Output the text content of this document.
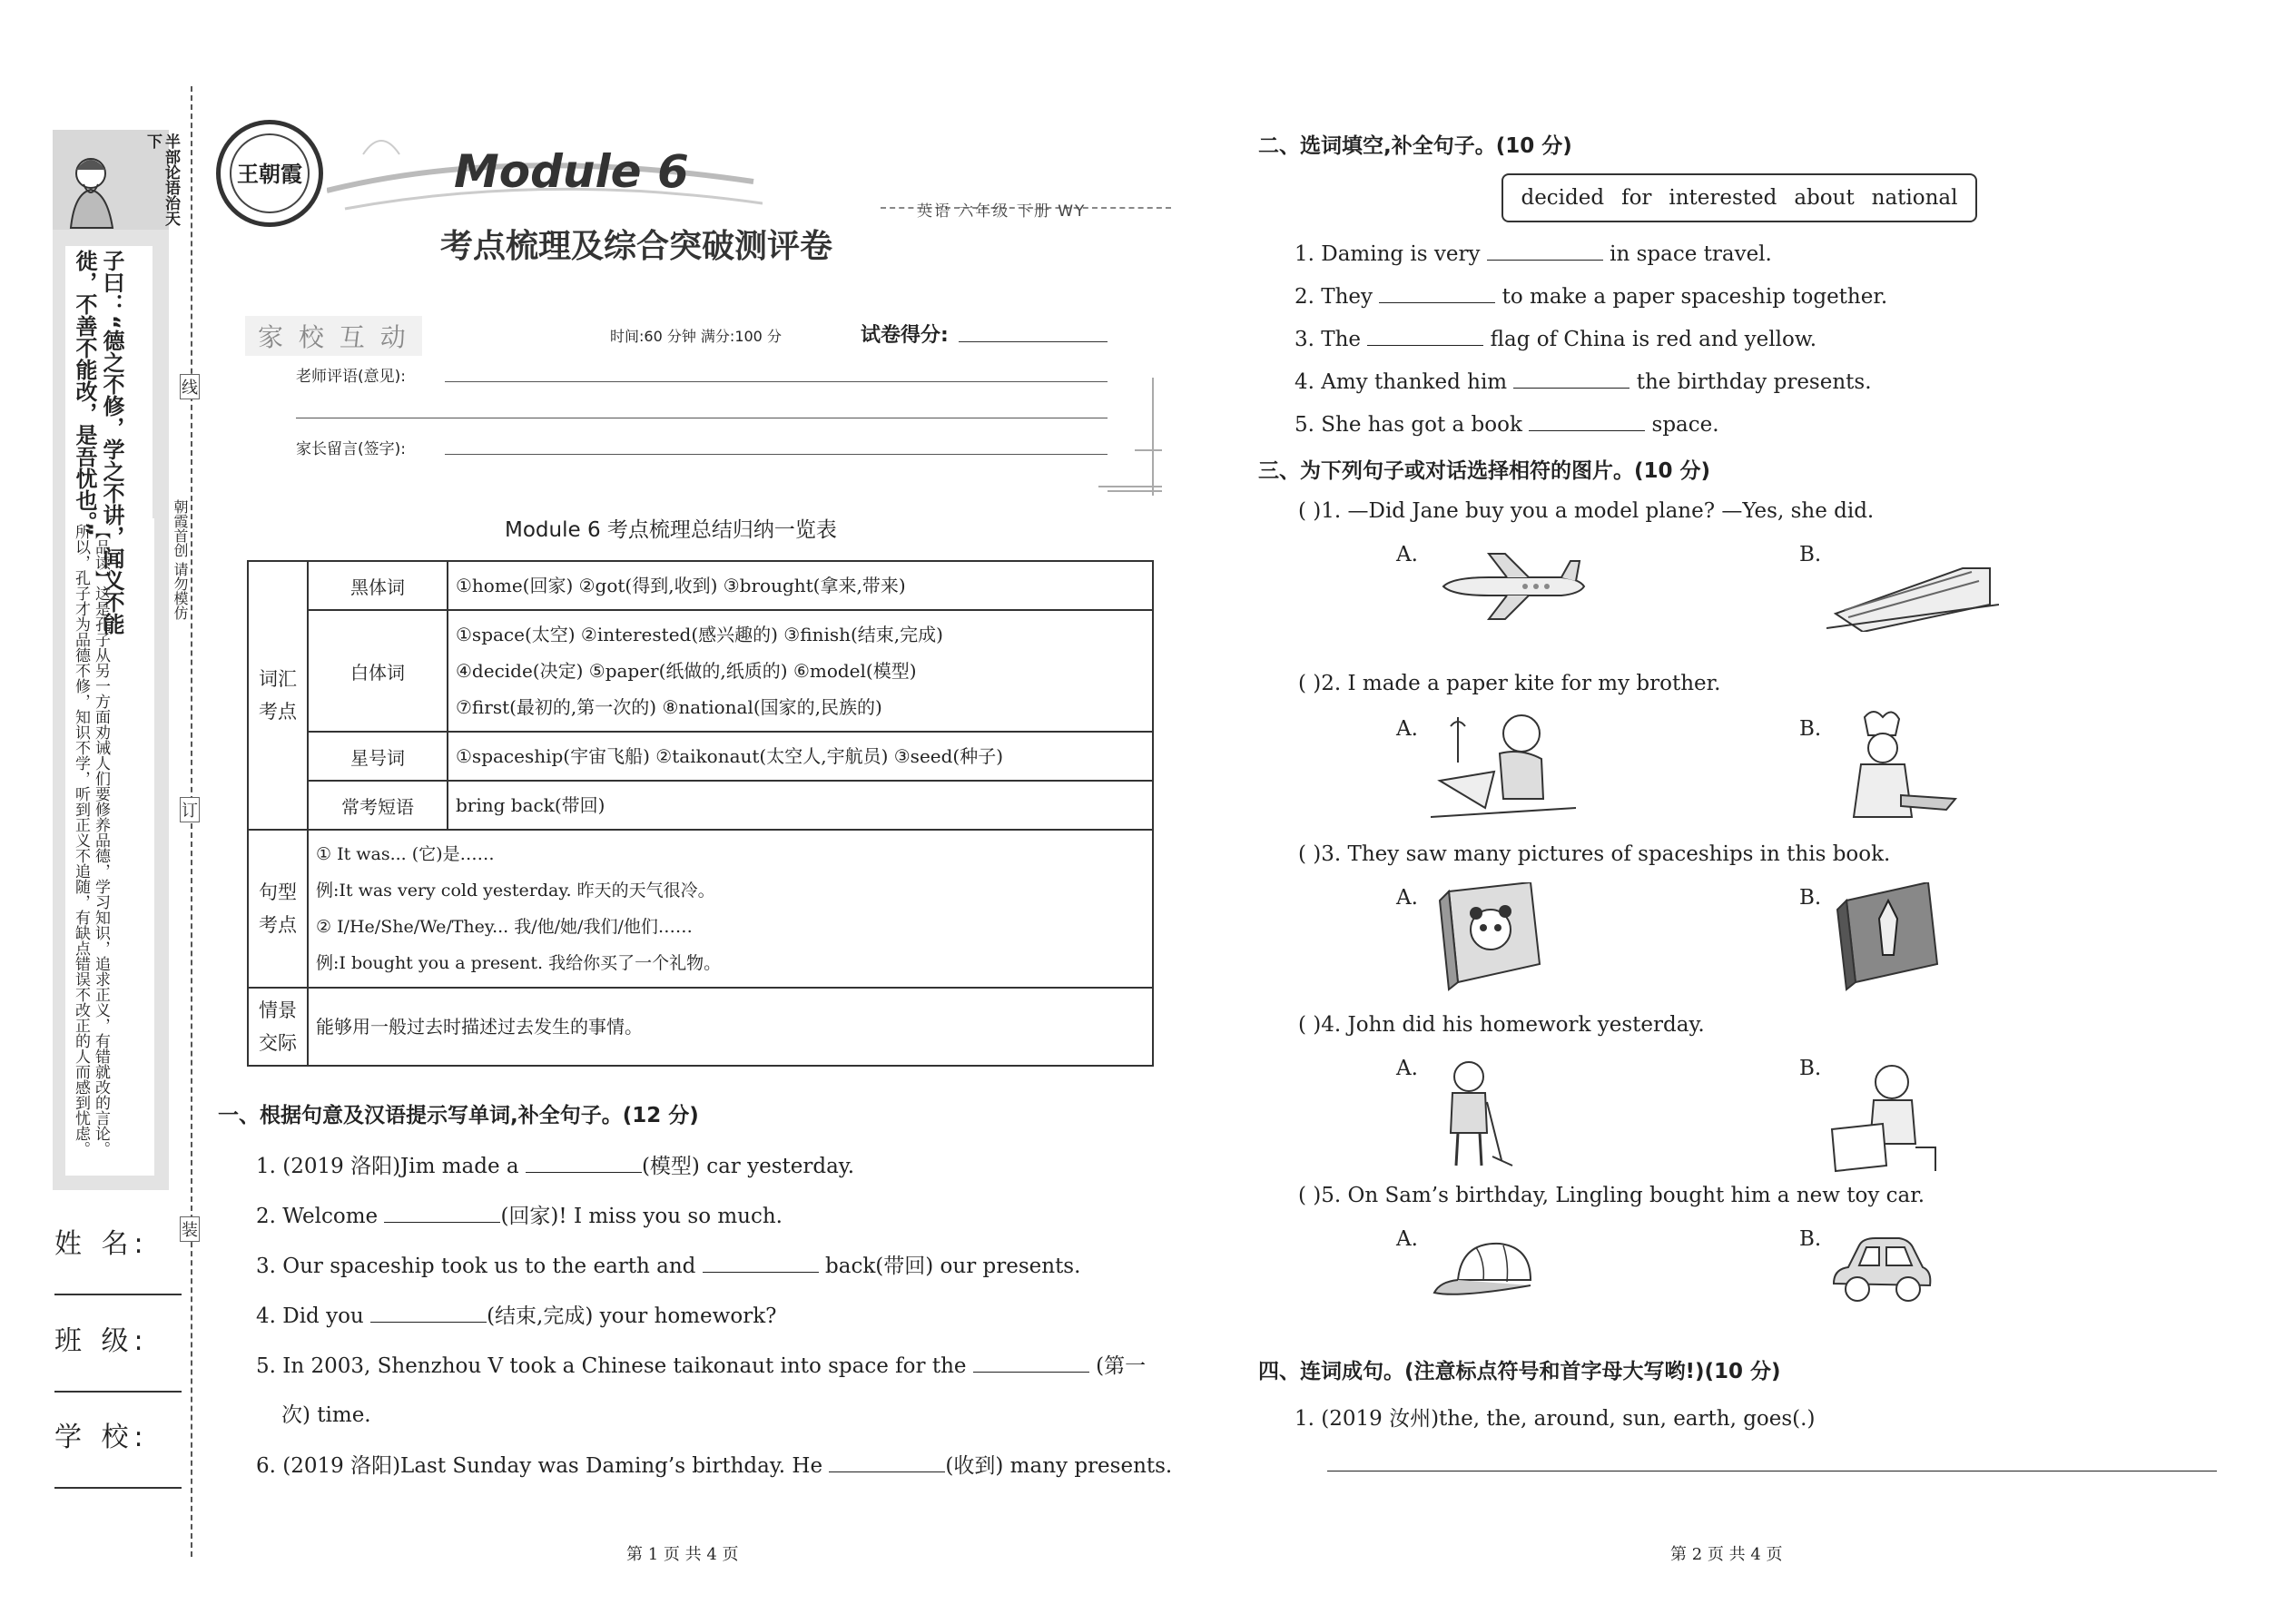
半部论语治天下
子曰：“德之不修，学之不讲，闻义不能徙，不善不能改，是吾忧也。”
【品读】这是孔子从另一方面劝诫人们要修养品德，学习知识，追求正义，有错就改的言论。所以，孔子才为品德不修，知识不学，听到正义不追随，有缺点错误不改正的人而感到忧虑。
姓 名:
班 级:
学 校:
线
订
装
朝霞首创 请勿模仿
王朝霞	Module 6
英语 六年级 下册 WY
考点梳理及综合突破测评卷
家 校 互 动	时间:60 分钟 满分:100 分	试卷得分:
老师评语(意见):
家长留言(签字):
Module 6 考点梳理总结归纳一览表
词汇考点	黑体词	①home(回家) ②got(得到,收到) ③brought(拿来,带来)

	白体词	①space(太空) ②interested(感兴趣的) ③finish(结束,完成)
④decide(决定) ⑤paper(纸做的,纸质的) ⑥model(模型)
⑦first(最初的,第一次的) ⑧national(国家的,民族的)

	星号词	①spaceship(宇宙飞船) ②taikonaut(太空人,宇航员) ③seed(种子)

	常考短语	bring back(带回)

句型考点	① It was... (它)是……
例:It was very cold yesterday. 昨天的天气很冷。
② I/He/She/We/They... 我/他/她/我们/他们……
例:I bought you a present. 我给你买了一个礼物。	

情景交际	能够用一般过去时描述过去发生的事情。	
一、根据句意及汉语提示写单词,补全句子。(12 分)
1. (2019 洛阳)Jim made a	(模型) car yesterday.
2. Welcome	(回家)! I miss you so much.
3. Our spaceship took us to the earth and	back(带回) our presents.
4. Did you	(结束,完成) your homework?
5. In 2003, Shenzhou V took a Chinese taikonaut into space for the	(第一
次) time.
6. (2019 洛阳)Last Sunday was Daming’s birthday. He	(收到) many presents.
第 1 页 共 4 页
二、选词填空,补全句子。(10 分)
decided for interested about national
1. Daming is very	in space travel.
2. They	to make a paper spaceship together.
3. The	flag of China is red and yellow.
4. Amy thanked him	the birthday presents.
5. She has got a book	space.
三、为下列句子或对话选择相符的图片。(10 分)
( )1. —Did Jane buy you a model plane? —Yes, she did.
A.	B.
( )2. I made a paper kite for my brother.
A.	B.
( )3. They saw many pictures of spaceships in this book.
A.	B.
( )4. John did his homework yesterday.
A.	B.
( )5. On Sam’s birthday, Lingling bought him a new toy car.
A.	B.
四、连词成句。(注意标点符号和首字母大写哟!)(10 分)
1. (2019 汝州)the, the, around, sun, earth, goes(.)
第 2 页 共 4 页
